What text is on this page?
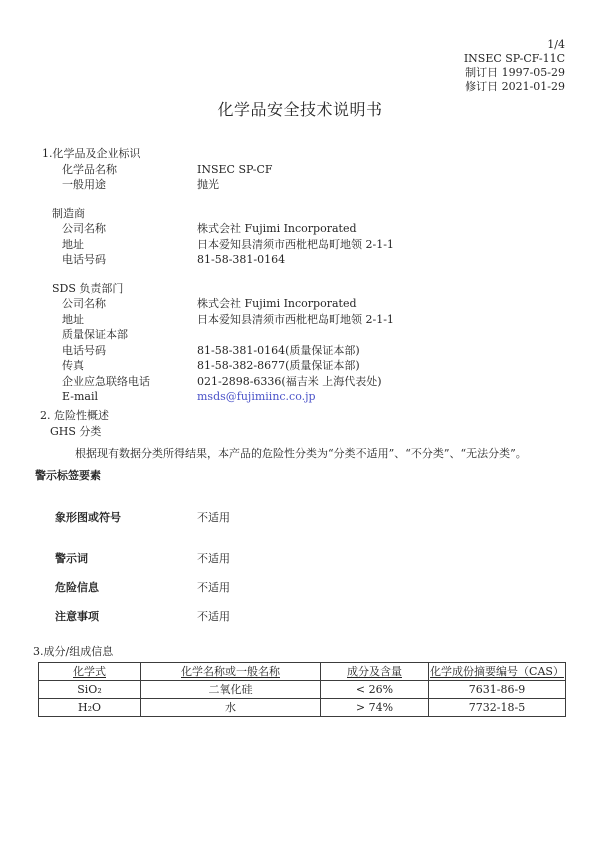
1/4
INSEC SP-CF-11C
制订日 1997-05-29
修订日 2021-01-29
化学品安全技术说明书
1.化学品及企业标识
化学品名称	INSEC SP-CF
一般用途	抛光
制造商
公司名称	株式会社 Fujimi Incorporated
地址	日本爱知县清须市西枇杷岛町地领 2-1-1
电话号码	81-58-381-0164
SDS 负责部门
公司名称	株式会社 Fujimi Incorporated
地址	日本爱知县清须市西枇杷岛町地领 2-1-1
质量保证本部
电话号码	81-58-381-0164(质量保证本部)
传真	81-58-382-8677(质量保证本部)
企业应急联络电话	021-2898-6336(福吉米 上海代表处)
E-mail	msds@fujimiinc.co.jp
2. 危险性概述
GHS 分类
根据现有数据分类所得结果，本产品的危险性分类为“分类不适用”、“不分类”、“无法分类”。
警示标签要素
象形图或符号	不适用
警示词	不适用
危险信息	不适用
注意事项	不适用
3.成分/组成信息
化学式	化学名称或一般名称	成分及含量	化学成份摘要编号（CAS）
SiO₂	二氧化硅	< 26%	7631-86-9
H₂O	水	> 74%	7732-18-5
